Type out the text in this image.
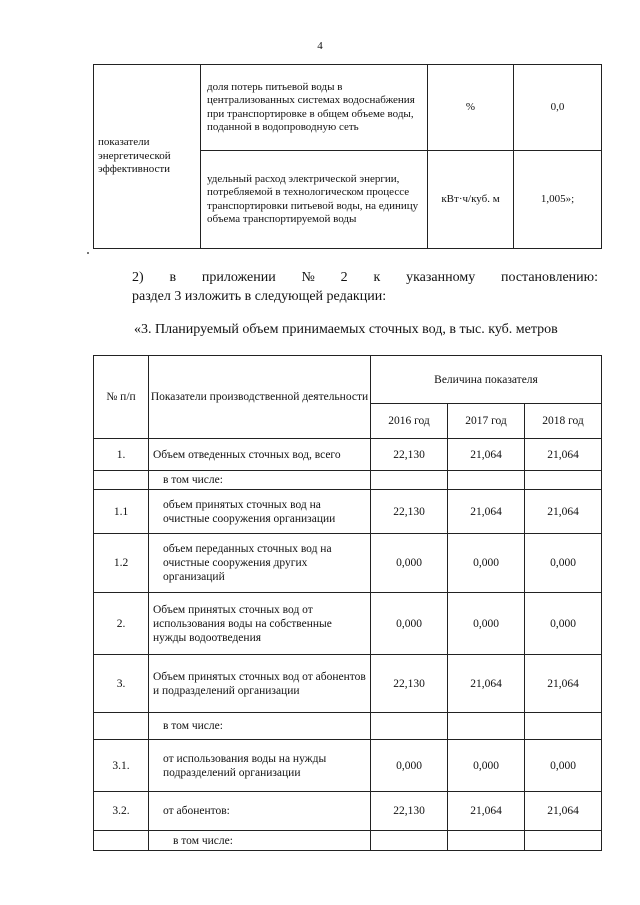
4
показатели энергетической эффективности	доля потерь питьевой воды в централизованных системах водоснабжения при транспортировке в общем объеме воды, поданной в водопроводную сеть	%	0,0
	удельный расход электрической энергии, потребляемой в технологическом процессе транспортировки питьевой воды, на единицу объема транспортируемой воды	кВт·ч/куб. м	1,005»;
2) в приложении № 2 к указанному постановлению:
раздел 3 изложить в следующей редакции:
«3. Планируемый объем принимаемых сточных вод, в тыс. куб. метров
№ п/п	Показатели производственной деятельности	Величина показателя		
		2016 год	2017 год	2018 год
1.	Объем отведенных сточных вод, всего	22,130	21,064	21,064
	в том числе:			
1.1	объем принятых сточных вод на очистные сооружения организации	22,130	21,064	21,064
1.2	объем переданных сточных вод на очистные сооружения других организаций	0,000	0,000	0,000
2.	Объем принятых сточных вод от использования воды на собственные нужды водоотведения	0,000	0,000	0,000
3.	Объем принятых сточных вод от абонентов и подразделений организации	22,130	21,064	21,064
	в том числе:			
3.1.	от использования воды на нужды подразделений организации	0,000	0,000	0,000
3.2.	от абонентов:	22,130	21,064	21,064
	в том числе:			
